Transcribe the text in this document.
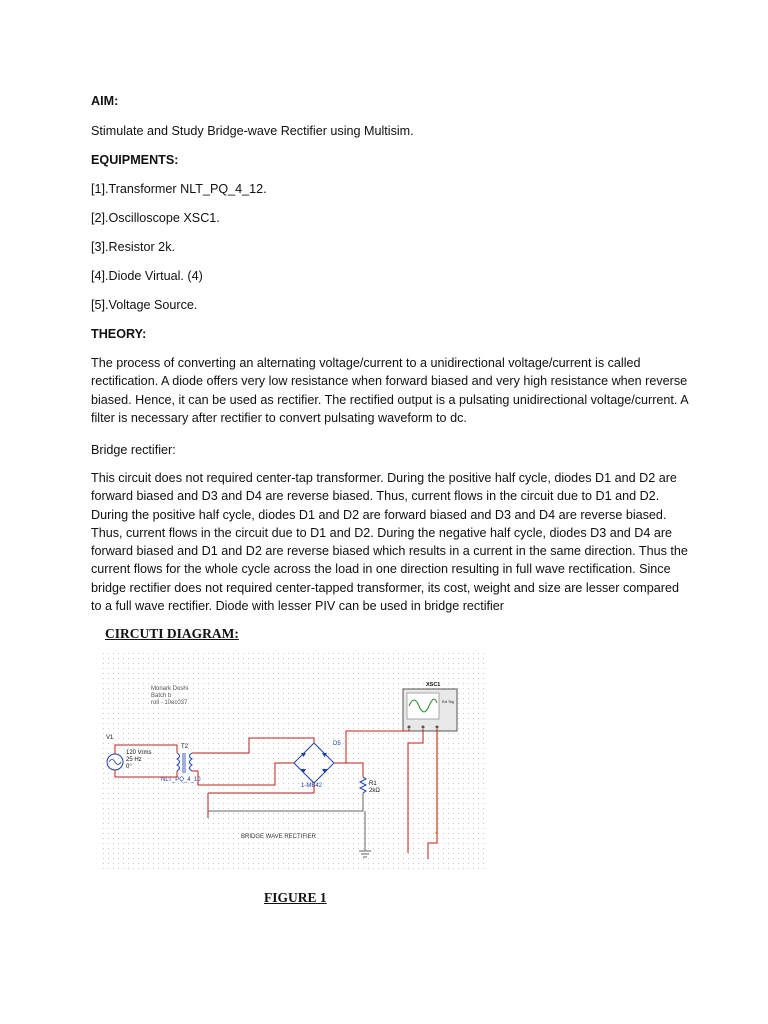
AIM:
Stimulate and Study Bridge-wave Rectifier using Multisim.
EQUIPMENTS:
[1].Transformer NLT_PQ_4_12.
[2].Oscilloscope XSC1.
[3].Resistor 2k.
[4].Diode Virtual. (4)
[5].Voltage Source.
THEORY:
The process of converting an alternating voltage/current to a unidirectional voltage/current is called rectification. A diode offers very low resistance when forward biased and very high resistance when reverse biased. Hence, it can be used as rectifier. The rectified output is a pulsating unidirectional voltage/current. A filter is necessary after rectifier to convert pulsating waveform to dc.
Bridge rectifier:
This circuit does not required center-tap transformer. During the positive half cycle, diodes D1 and D2 are forward biased and D3 and D4 are reverse biased. Thus, current flows in the circuit due to D1 and D2. During the positive half cycle, diodes D1 and D2 are forward biased and D3 and D4 are reverse biased. Thus, current flows in the circuit due to D1 and D2. During the negative half cycle, diodes D3 and D4 are forward biased and D1 and D2 are reverse biased which results in a current in the same direction. Thus the current flows for the whole cycle across the load in one direction resulting in full wave rectification. Since bridge rectifier does not required center-tapped transformer, its cost, weight and size are lesser compared to a full wave rectifier. Diode with lesser PIV can be used in bridge rectifier
CIRCUTI DIAGRAM:
Monark Doshi
Batch b
roll - 10ec037
V1
120 Vrms
25 Hz
0°
T2
NLT_PQ_4_10
D5
1-MB42	R1
2kΩ
XSC1
Ext Trig
BRIDGE WAVE RECTIFIER
FIGURE 1
